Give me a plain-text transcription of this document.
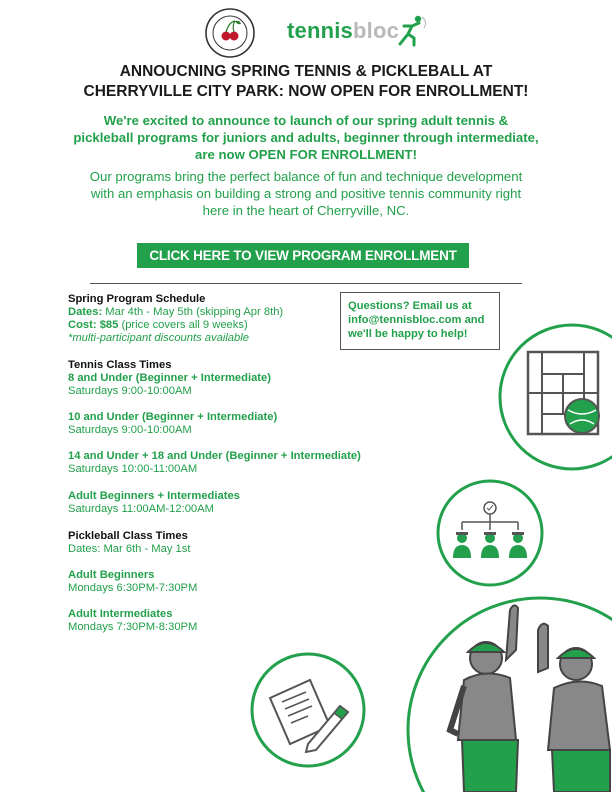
tennisbloc
ANNOUCNING SPRING TENNIS & PICKLEBALL AT
CHERRYVILLE CITY PARK: NOW OPEN FOR ENROLLMENT!
We're excited to announce to launch of our spring adult tennis &
pickleball programs for juniors and adults, beginner through intermediate,
are now OPEN FOR ENROLLMENT!
Our programs bring the perfect balance of fun and technique development
with an emphasis on building a strong and positive tennis community right
here in the heart of Cherryville, NC.
CLICK HERE TO VIEW PROGRAM ENROLLMENT
Spring Program Schedule
Dates: Mar 4th - May 5th (skipping Apr 8th)
Cost: $85 (price covers all 9 weeks)
*multi-participant discounts available
Questions? Email us at
info@tennisbloc.com and
we'll be happy to help!
Tennis Class Times
8 and Under (Beginner + Intermediate)
Saturdays 9:00-10:00AM
10 and Under (Beginner + Intermediate)
Saturdays 9:00-10:00AM
14 and Under + 18 and Under (Beginner + Intermediate)
Saturdays 10:00-11:00AM
Adult Beginners + Intermediates
Saturdays 11:00AM-12:00AM
Pickleball Class Times
Dates: Mar 6th - May 1st
Adult Beginners
Mondays 6:30PM-7:30PM
Adult Intermediates
Mondays 7:30PM-8:30PM
